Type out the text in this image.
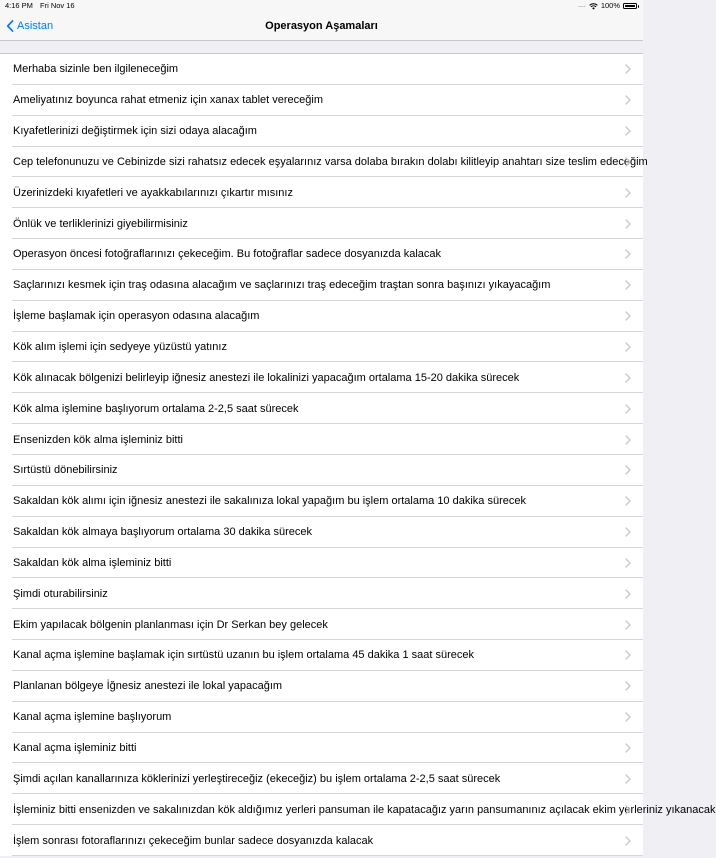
4:16 PM Fri Nov 16	.... 100%
Asistan	Operasyon Aşamaları
Merhaba sizinle ben ilgileneceğim
Ameliyatınız boyunca rahat etmeniz için xanax tablet vereceğim
Kıyafetlerinizi değiştirmek için sizi odaya alacağım
Cep telefonunuzu ve Cebinizde sizi rahatsız edecek eşyalarınız varsa dolaba bırakın dolabı kilitleyip anahtarı size teslim edeceğim
Üzerinizdeki kıyafetleri ve ayakkabılarınızı çıkartır mısınız
Önlük ve terliklerinizi giyebilirmisiniz
Operasyon öncesi fotoğraflarınızı çekeceğim. Bu fotoğraflar sadece dosyanızda kalacak
Saçlarınızı kesmek için traş odasına alacağım ve saçlarınızı traş edeceğim traştan sonra başınızı yıkayacağım
İşleme başlamak için operasyon odasına alacağım
Kök alım işlemi için sedyeye yüzüstü yatınız
Kök alınacak bölgenizi belirleyip iğnesiz anestezi ile lokalinizi yapacağım ortalama 15-20 dakika sürecek
Kök alma işlemine başlıyorum ortalama 2-2,5 saat sürecek
Ensenizden kök alma işleminiz bitti
Sırtüstü dönebilirsiniz
Sakaldan kök alımı için iğnesiz anestezi ile sakalınıza lokal yapağım bu işlem ortalama 10 dakika sürecek
Sakaldan kök almaya başlıyorum ortalama 30 dakika sürecek
Sakaldan kök alma işleminiz bitti
Şimdi oturabilirsiniz
Ekim yapılacak bölgenin planlanması için Dr Serkan bey gelecek
Kanal açma işlemine başlamak için sırtüstü uzanın bu işlem ortalama 45 dakika 1 saat sürecek
Planlanan bölgeye İğnesiz anestezi ile lokal yapacağım
Kanal açma işlemine başlıyorum
Kanal açma işleminiz bitti
Şimdi açılan kanallarınıza köklerinizi yerleştireceğiz (ekeceğiz) bu işlem ortalama 2-2,5 saat sürecek
İşleminiz bitti ensenizden ve sakalınızdan kök aldığımız yerleri pansuman ile kapatacağız yarın pansumanınız açılacak ekim yerleriniz yıkanacak
İşlem sonrası fotoraflarınızı çekeceğim bunlar sadece dosyanızda kalacak
